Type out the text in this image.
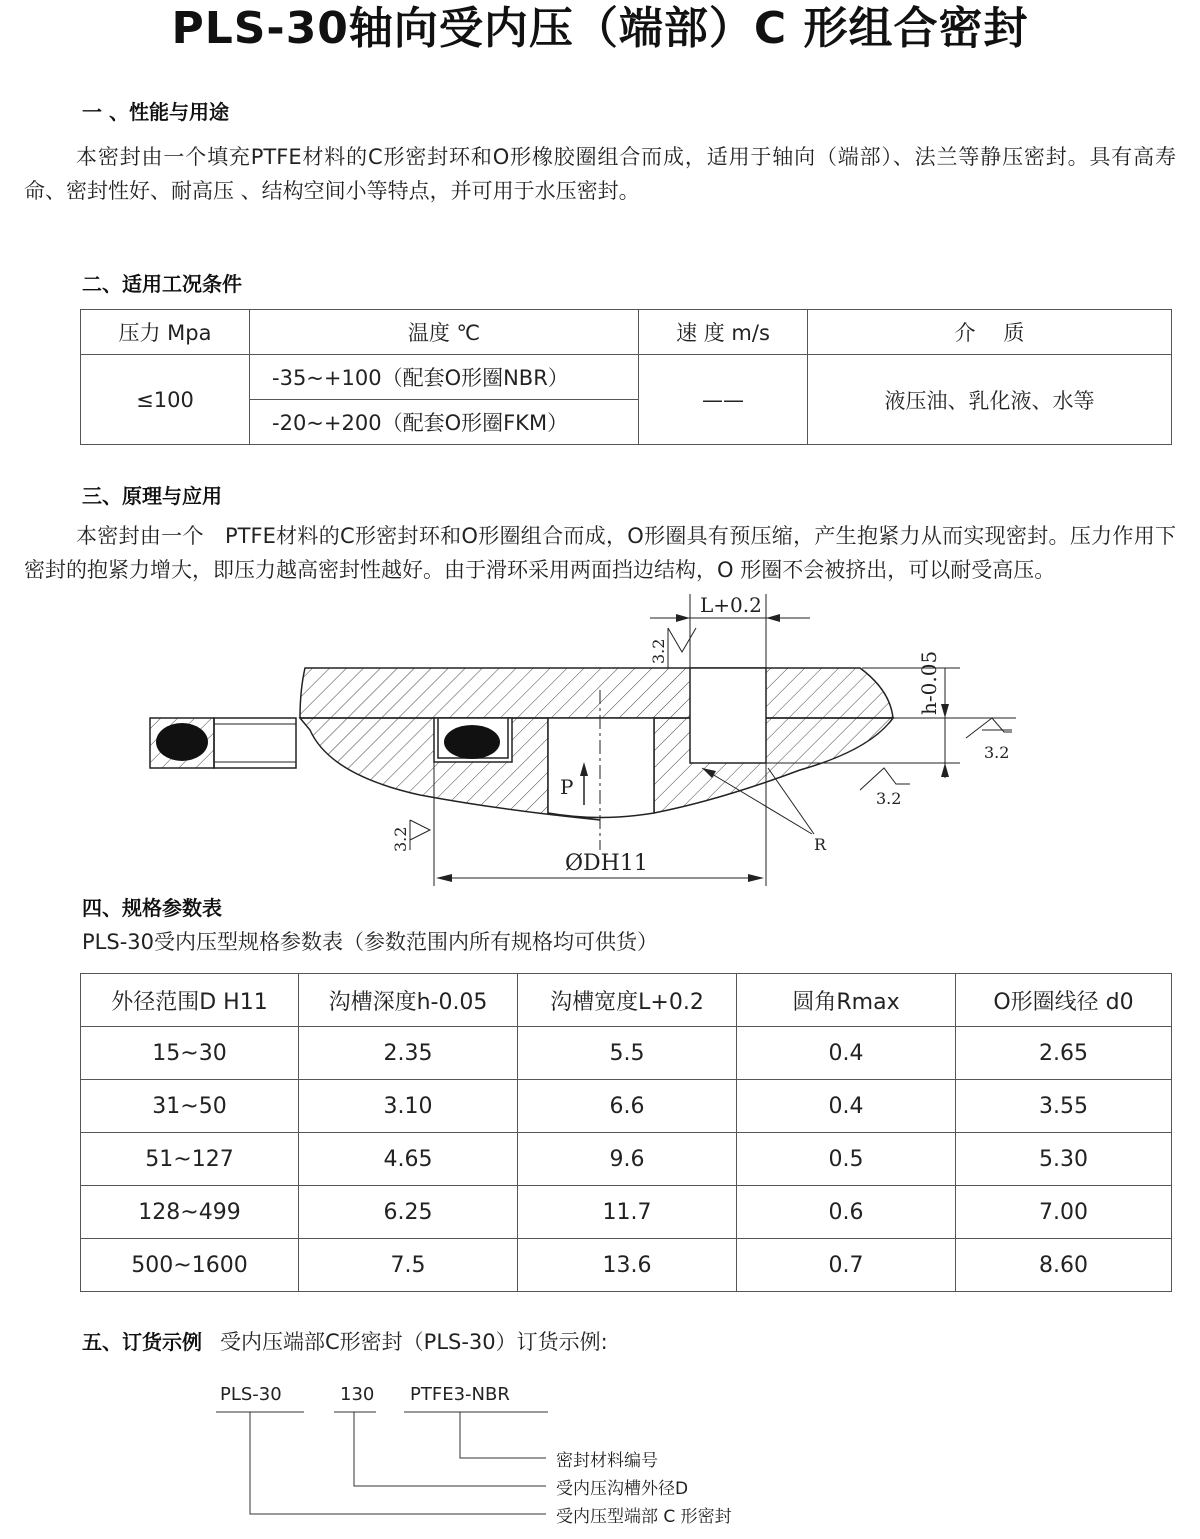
PLS-30轴向受内压（端部）C 形组合密封
一 、性能与用途
本密封由一个填充PTFE材料的C形密封环和O形橡胶圈组合而成，适用于轴向（端部）、法兰等静压密封。具有高寿命、密封性好、耐高压 、结构空间小等特点，并可用于水压密封。
二、适用工况条件
压力 Mpa	温度 ℃	速 度 m/s	介　 质
≤100	-35~+100（配套O形圈NBR）	——	液压油、乳化液、水等
	-20~+200（配套O形圈FKM）		
三、原理与应用
本密封由一个　PTFE材料的C形密封环和O形圈组合而成，O形圈具有预压缩，产生抱紧力从而实现密封。压力作用下密封的抱紧力增大，即压力越高密封性越好。由于滑环采用两面挡边结构，O 形圈不会被挤出，可以耐受高压。
P
ØDH11
L+0.2
h-0.05
3.2
3.2
3.2
3.2	R
四、规格参数表
PLS-30受内压型规格参数表（参数范围内所有规格均可供货）
外径范围D H11	沟槽深度h-0.05	沟槽宽度L+0.2	圆角Rmax	O形圈线径 d0
15~30	2.35	5.5	0.4	2.65
31~50	3.10	6.6	0.4	3.55
51~127	4.65	9.6	0.5	5.30
128~499	6.25	11.7	0.6	7.00
500~1600	7.5	13.6	0.7	8.60
五、订货示例 受内压端部C形密封（PLS-30）订货示例:
PLS-30	130 PTFE3-NBR
密封材料编号
受内压沟槽外径D
受内压型端部 C 形密封
